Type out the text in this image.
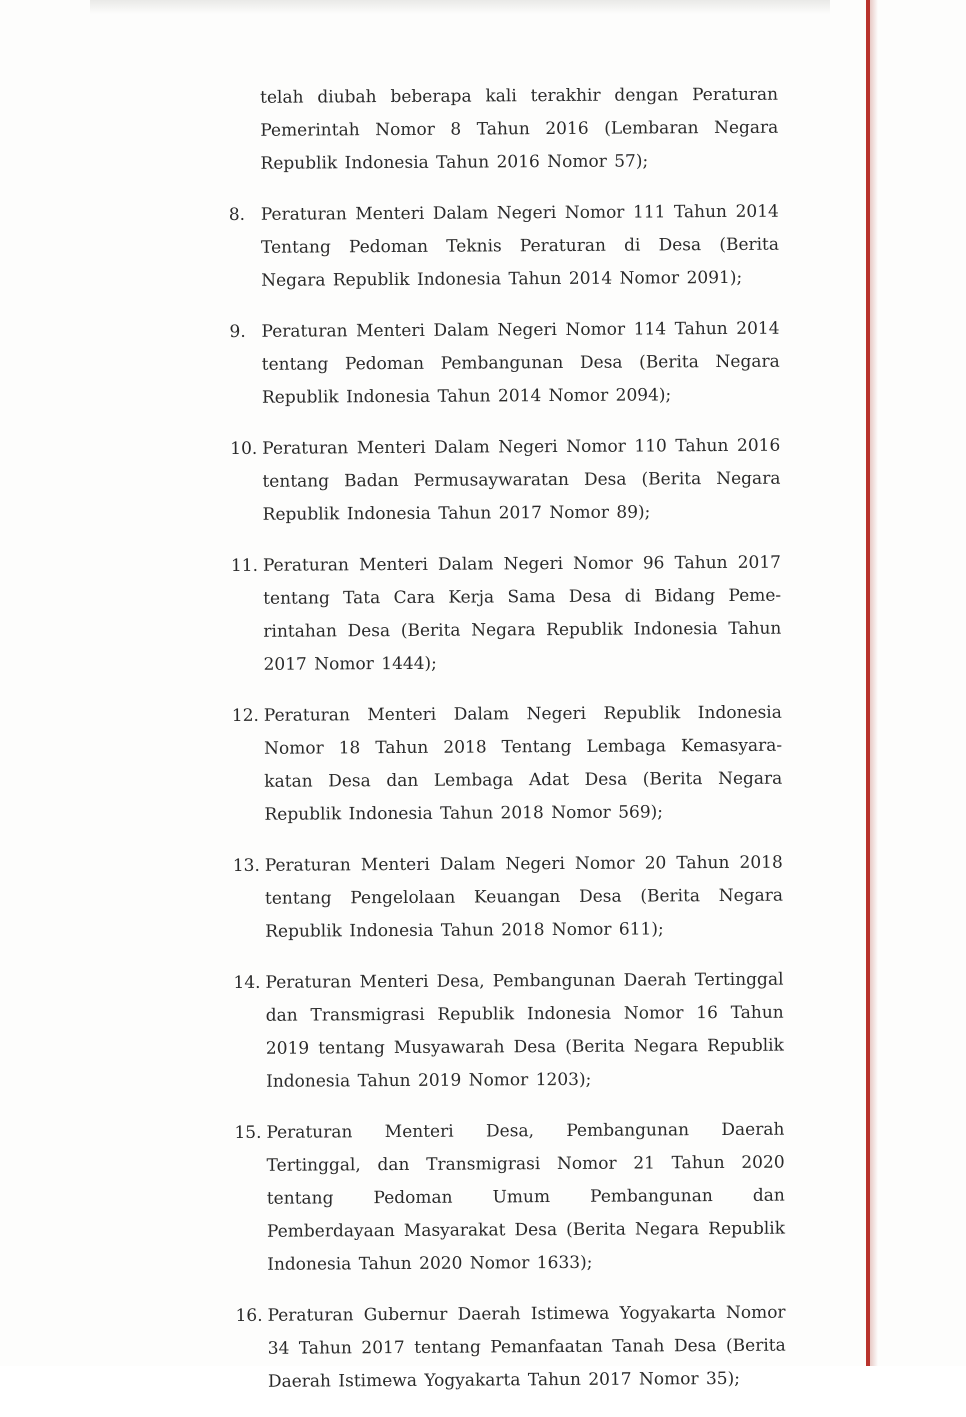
telah diubah beberapa kali terakhir dengan Peraturan Pemerintah Nomor 8 Tahun 2016 (Lembaran Negara Republik Indonesia Tahun 2016 Nomor 57);
8. Peraturan Menteri Dalam Negeri Nomor 111 Tahun 2014 Tentang Pedoman Teknis Peraturan di Desa (Berita Negara Republik Indonesia Tahun 2014 Nomor 2091);
9. Peraturan Menteri Dalam Negeri Nomor 114 Tahun 2014 tentang Pedoman Pembangunan Desa (Berita Negara Republik Indonesia Tahun 2014 Nomor 2094);
10. Peraturan Menteri Dalam Negeri Nomor 110 Tahun 2016 tentang Badan Permusaywaratan Desa (Berita Negara Republik Indonesia Tahun 2017 Nomor 89);
11. Peraturan Menteri Dalam Negeri Nomor 96 Tahun 2017 tentang Tata Cara Kerja Sama Desa di Bidang Peme-rintahan Desa (Berita Negara Republik Indonesia Tahun 2017 Nomor 1444);
12. Peraturan Menteri Dalam Negeri Republik Indonesia Nomor 18 Tahun 2018 Tentang Lembaga Kemasyara-katan Desa dan Lembaga Adat Desa (Berita Negara Republik Indonesia Tahun 2018 Nomor 569);
13. Peraturan Menteri Dalam Negeri Nomor 20 Tahun 2018 tentang Pengelolaan Keuangan Desa (Berita Negara Republik Indonesia Tahun 2018 Nomor 611);
14. Peraturan Menteri Desa, Pembangunan Daerah Tertinggal dan Transmigrasi Republik Indonesia Nomor 16 Tahun 2019 tentang Musyawarah Desa (Berita Negara Republik Indonesia Tahun 2019 Nomor 1203);
15. Peraturan Menteri Desa, Pembangunan Daerah Tertinggal, dan Transmigrasi Nomor 21 Tahun 2020 tentang Pedoman Umum Pembangunan dan Pemberdayaan Masyarakat Desa (Berita Negara Republik Indonesia Tahun 2020 Nomor 1633);
16. Peraturan Gubernur Daerah Istimewa Yogyakarta Nomor 34 Tahun 2017 tentang Pemanfaatan Tanah Desa (Berita Daerah Istimewa Yogyakarta Tahun 2017 Nomor 35);
